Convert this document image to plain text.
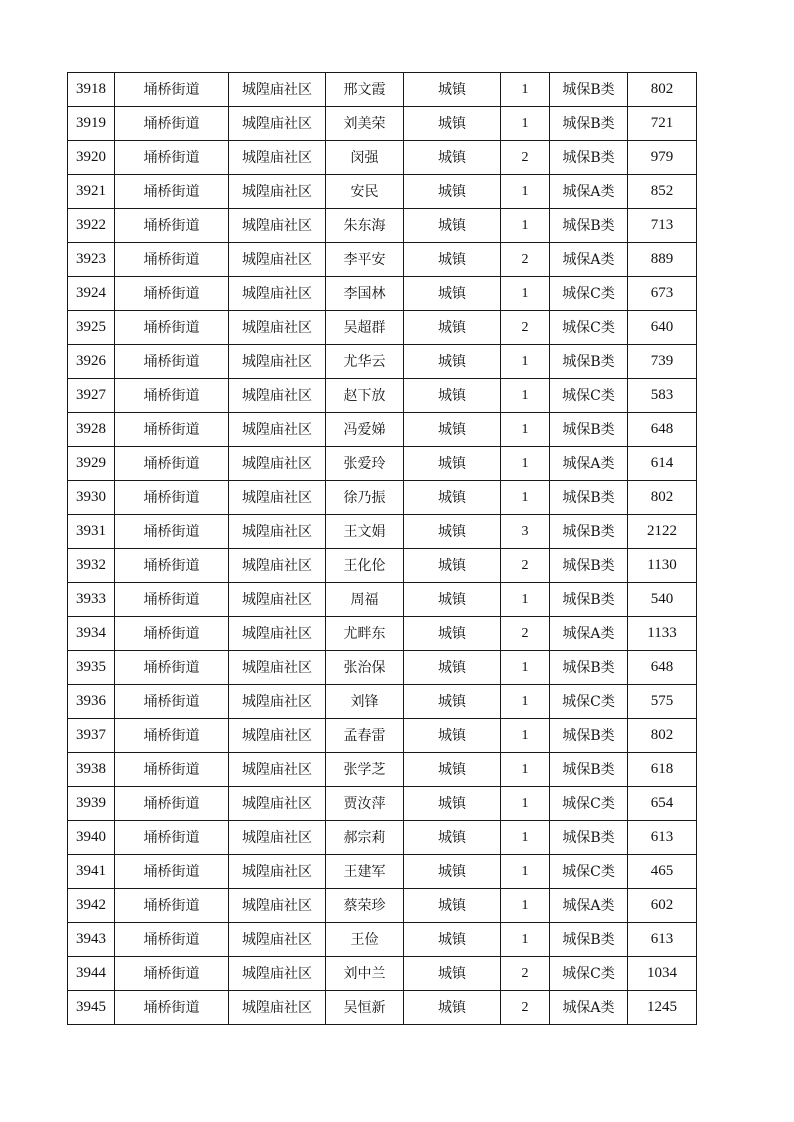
3918	埇桥街道	城隍庙社区	邢文霞	城镇	1	城保B类	802
3919	埇桥街道	城隍庙社区	刘美荣	城镇	1	城保B类	721
3920	埇桥街道	城隍庙社区	闵强	城镇	2	城保B类	979
3921	埇桥街道	城隍庙社区	安民	城镇	1	城保A类	852
3922	埇桥街道	城隍庙社区	朱东海	城镇	1	城保B类	713
3923	埇桥街道	城隍庙社区	李平安	城镇	2	城保A类	889
3924	埇桥街道	城隍庙社区	李国林	城镇	1	城保C类	673
3925	埇桥街道	城隍庙社区	吴超群	城镇	2	城保C类	640
3926	埇桥街道	城隍庙社区	尤华云	城镇	1	城保B类	739
3927	埇桥街道	城隍庙社区	赵下放	城镇	1	城保C类	583
3928	埇桥街道	城隍庙社区	冯爱娣	城镇	1	城保B类	648
3929	埇桥街道	城隍庙社区	张爱玲	城镇	1	城保A类	614
3930	埇桥街道	城隍庙社区	徐乃振	城镇	1	城保B类	802
3931	埇桥街道	城隍庙社区	王文娟	城镇	3	城保B类	2122
3932	埇桥街道	城隍庙社区	王化伦	城镇	2	城保B类	1130
3933	埇桥街道	城隍庙社区	周福	城镇	1	城保B类	540
3934	埇桥街道	城隍庙社区	尤畔东	城镇	2	城保A类	1133
3935	埇桥街道	城隍庙社区	张治保	城镇	1	城保B类	648
3936	埇桥街道	城隍庙社区	刘锋	城镇	1	城保C类	575
3937	埇桥街道	城隍庙社区	孟春雷	城镇	1	城保B类	802
3938	埇桥街道	城隍庙社区	张学芝	城镇	1	城保B类	618
3939	埇桥街道	城隍庙社区	贾汝萍	城镇	1	城保C类	654
3940	埇桥街道	城隍庙社区	郝宗莉	城镇	1	城保B类	613
3941	埇桥街道	城隍庙社区	王建军	城镇	1	城保C类	465
3942	埇桥街道	城隍庙社区	蔡荣珍	城镇	1	城保A类	602
3943	埇桥街道	城隍庙社区	王俭	城镇	1	城保B类	613
3944	埇桥街道	城隍庙社区	刘中兰	城镇	2	城保C类	1034
3945	埇桥街道	城隍庙社区	吴恒新	城镇	2	城保A类	1245
